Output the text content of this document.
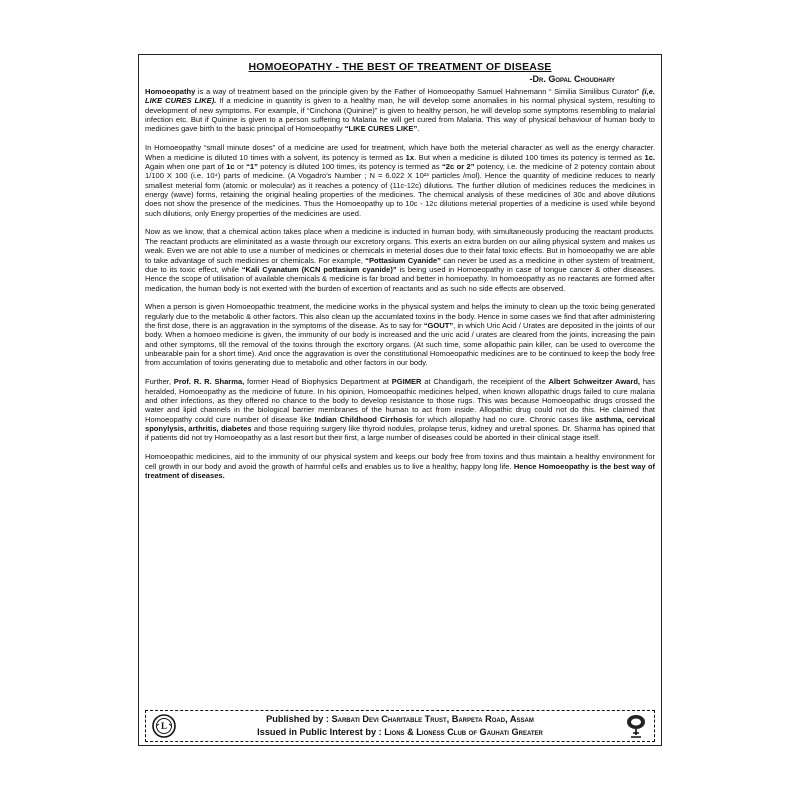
HOMOEOPATHY - THE BEST OF TREATMENT OF DISEASE
-Dr. Gopal Choudhary

Homoeopathy is a way of treatment based on the principle given by the Father of Homoeopathy Samuel Hahnemann “ Similia Similibus Curator” (i,e. LIKE CURES LIKE). If a medicine in quantity is given to a healthy man, he will develop some anomalies in his normal physical system, resulting to development of new symptoms. For example, if “Cinchona (Quinine)” is given to healthy person, he will develop some symptoms resembling to malarial infection etc. But if Quinine is given to a person suffering to Malaria he will get cured from Malaria. This way of physical behaviour of human body to medicines gave birth to the basic principal of Homoeopathy “LIKE CURES LIKE”.

In Homoeopathy “small minute doses” of a medicine are used for treatment, which have both the meterial character as well as the energy character. When a medicine is diluted 10 times with a solvent, its potency is termed as 1x. But when a medicine is diluted 100 times its potency is termed as 1c. Again when one part of 1c or “1” potency is diluted 100 times, its potency is termed as “2c or 2” potency, i.e. the medicine of 2 potency contain about 1/100 X 100 (i.e. 10⁴) parts of medicine. (A Vogadro’s Number ; N = 6.022 X 10²³ particles /mol). Hence the quantity of medicine reduces to nearly smallest meterial form (atomic or molecular) as it reaches a potency of (11c-12c) dilutions. The further dilution of medicines reduces the medicines in energy (wave) forms, retaining the original healing properties of the medicines. The chemical analysis of these medicines of 30c and above dilutions does not show the presence of the medicines. Thus the Homoeopathy up to 10c - 12c dilutions meterial properties of a medicine is used while beyond such dilutions, only Energy properties of the medicines are used.

Now as we know, that a chemical action takes place when a medicine is inducted in human body, with simultaneously producing the reactant products. The reactant products are eliminitated as a waste through our excretory organs. This exerts an extra burden on our ailing physical system and makes us weak. Even we are not able to use a number of medicines or chemicals in meterial doses due to their fatal toxic effects. But in homoeopathy we are able to take advantage of such medicines or chemicals. For example, “Pottasium Cyanide” can never be used as a medicine in other system of treatment, due to its toxic effect, while “Kali Cyanatum (KCN pottasium cyanide)” is being used in Homoeopathy in case of tongue cancer & other diseases. Hence the scope of utilisation of available chemicals & medicine is far broad and better in homoepathy. In homoeopathy as no reactants are formed after medication, the human body is not exerted with the burden of excertion of reactants and as such no side effects are observed.

When a person is given Homoeopathic treatment, the medicine works in the physical system and helps the iminuty to clean up the toxic being generated regularly due to the metabolic & other factors. This also clean up the accumlated toxins in the body. Hence in some cases we find that after administering the first dose, there is an aggravation in the symptoms of the disease. As to say for “GOUT”, in which Uric Acid / Urates are deposited in the joints of our body. When a homoeo medicine is given, the immunity of our body is increased and the uric acid / urates are cleared from the joints, increasing the pain and other symptoms, till the removal of the toxins through the excrtory organs. (At such time, some allopathic pain killer, can be used to overcome the unbearable pain for a short time). And once the aggravation is over the constitutional Homoeopathic medicines are to be continued to keep the body free from accumlation of toxins generating due to metabolic and other factors in our body.

Further, Prof. R. R. Sharma, former Head of Biophysics Department at PGIMER at Chandigarh, the receipient of the Albert Schweitzer Award, has heralded, Homoeopathy as the medicine of future. In his opinion, Homoeopathic medicines helped, when known allopathic drugs failed to cure malaria and other infections, as they offered no chance to the body to develop resistance to those rugs. This was because Homoeopathic drugs crossed the water and lipid channels in the biological barrier membranes of the human to act from inside. Allopathic drug could not do this. He claimed that Homoeopathy could cure number of disease like Indian Childhood Cirrhosis for which allopathy had no cure. Chronic cases like asthma, cervical sponylysis, arthritis, diabetes and those requiring surgery like thyroid nodules, prolapse terus, kidney and uretral spones. Dr. Sharma has opined that if patients did not try Homoeopathy as a last resort but their first, a large number of diseases could be aborted in their clinical stage itself.

Homoeopathic medicines, aid to the immunity of our physical system and keeps our body free from toxins and thus maintain a healthy environment for cell growth in our body and avoid the growth of harmful cells and enables us to live a healthy, happy long life. Hence Homoeopathy is the best way of treatment of diseases.

L
Published by : Sarbati Devi Charitable Trust, Barpeta Road, Assam
Issued in Public Interest by : Lions & Lioness Club of Gauhati Greater
